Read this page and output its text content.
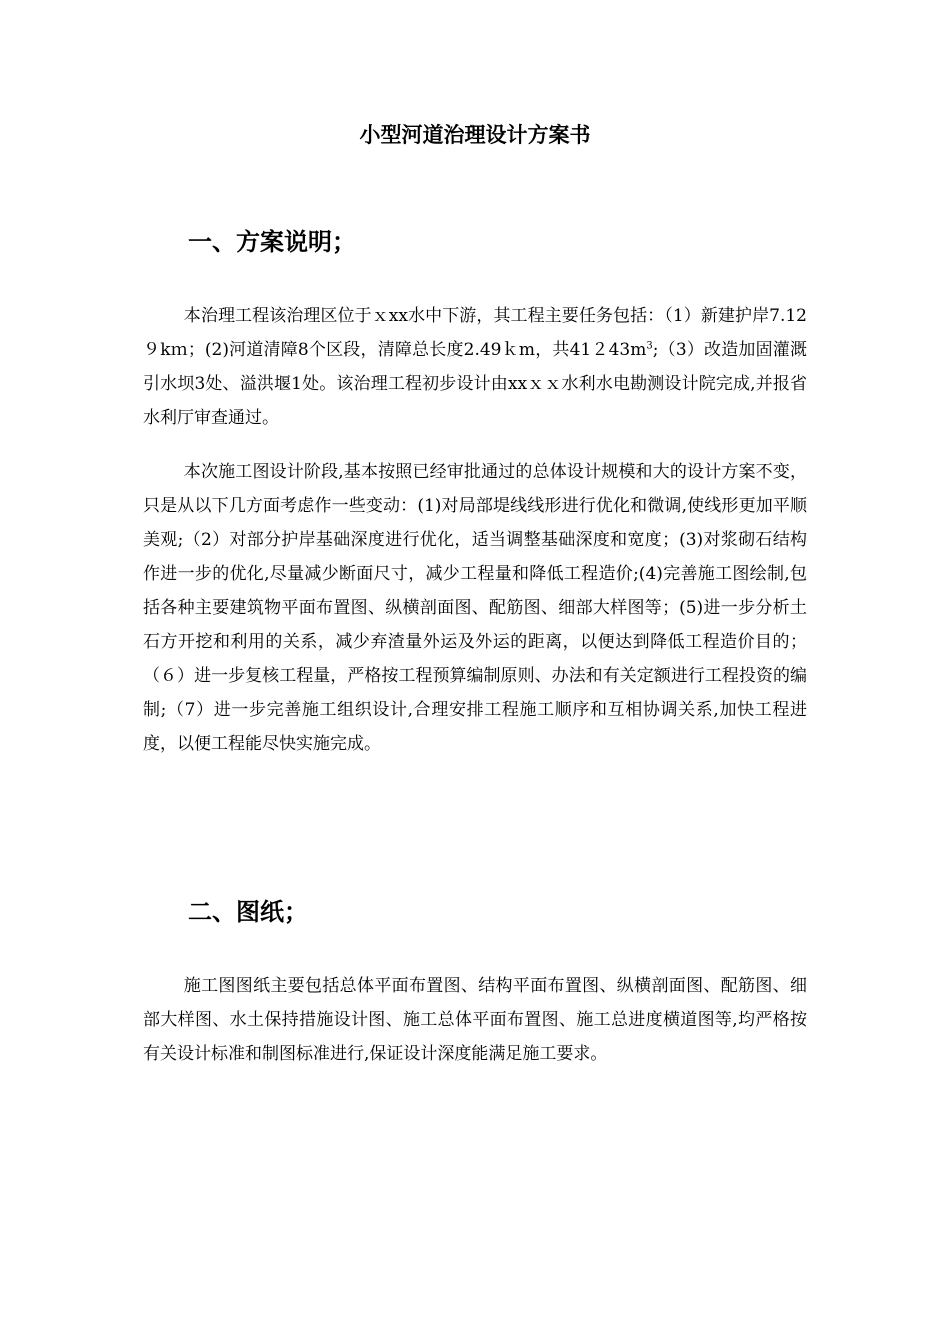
小型河道治理设计方案书
一、方案说明；

本治理工程该治理区位于ｘxx水中下游，其工程主要任务包括：（1）新建护岸7.12９kｍ；(2)河道清障8个区段，清障总长度2.49ｋm，共$41243m^3;(3)$改造加固灌溉引水坝3处、溢洪堰1处。该治理工程初步设计由xxｘｘ水利水电勘测设计院完成,并报省水利厅审查通过。

本次施工图设计阶段,基本按照已经审批通过的总体设计规模和大的设计方案不变，只是从以下几方面考虑作一些变动：(1)对局部堤线线形进行优化和微调,使线形更加平顺美观;（2）对部分护岸基础深度进行优化，适当调整基础深度和宽度；(3)对浆砌石结构作进一步的优化,尽量减少断面尺寸，减少工程量和降低工程造价;(4)完善施工图绘制,包括各种主要建筑物平面布置图、纵横剖面图、配筋图、细部大样图等；(5)进一步分析土石方开挖和利用的关系，减少弃渣量外运及外运的距离，以便达到降低工程造价目的；（６）进一步复核工程量，严格按工程预算编制原则、办法和有关定额进行工程投资的编制;（7）进一步完善施工组织设计,合理安排工程施工顺序和互相协调关系,加快工程进度，以便工程能尽快实施完成。

二、图纸；

施工图图纸主要包括总体平面布置图、结构平面布置图、纵横剖面图、配筋图、细部大样图、水土保持措施设计图、施工总体平面布置图、施工总进度横道图等,均严格按有关设计标准和制图标准进行,保证设计深度能满足施工要求。
